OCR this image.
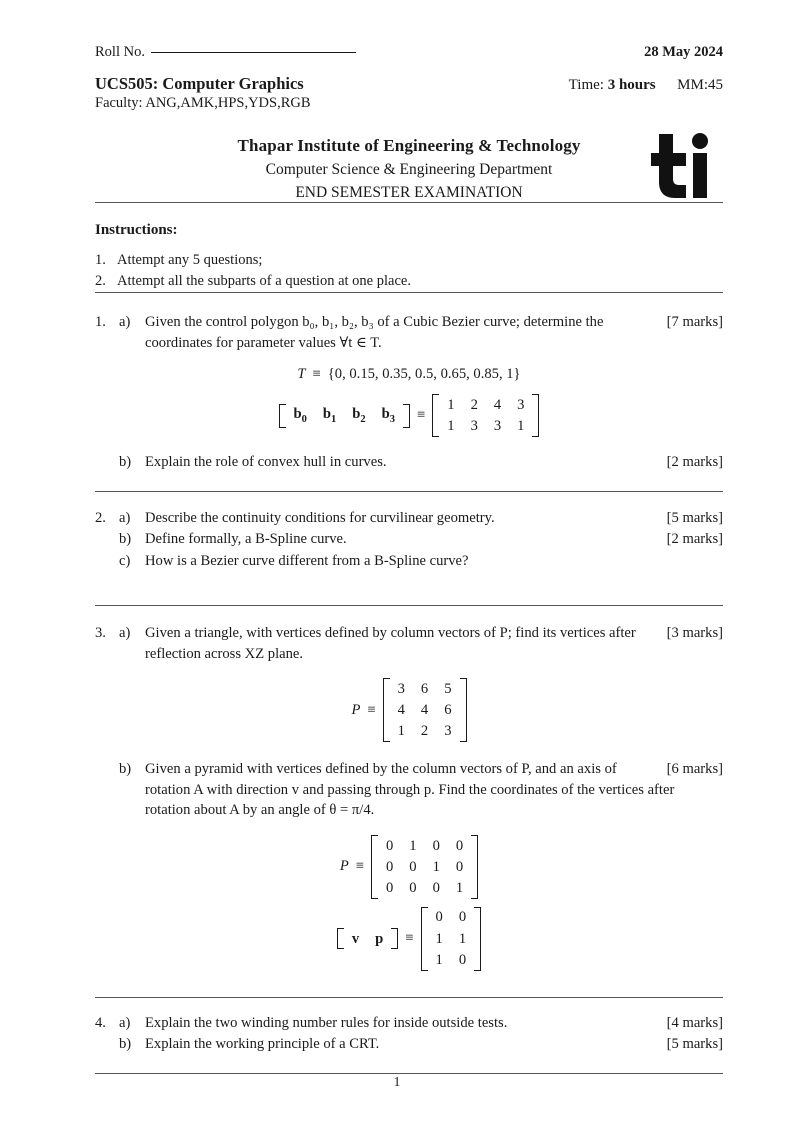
Roll No.	28 May 2024
UCS505: Computer Graphics	Time: 3 hours MM:45
Faculty: ANG,AMK,HPS,YDS,RGB
Thapar Institute of Engineering & Technology
Computer Science & Engineering Department
END SEMESTER EXAMINATION
Instructions:
1. Attempt any 5 questions;
2. Attempt all the subparts of a question at one place.
1. a)	[7 marks]
Given the control polygon b₀, b₁, b₂, b₃ of a Cubic Bezier curve; determine the coordinates for parameter values ∀t ∈ T.
T ≡ {0, 0.15, 0.35, 0.5, 0.65, 0.85, 1}
$b_0$	$b_1$	$b_2$	$b_3$ ≡
1	2	4	3
1	3	3	1
b)	[2 marks]
Explain the role of convex hull in curves.
2. a)	[5 marks]
Describe the continuity conditions for curvilinear geometry.
b)	[2 marks]
Define formally, a B-Spline curve.
c)	How is a Bezier curve different from a B-Spline curve?
3. a)	[3 marks]
Given a triangle, with vertices defined by column vectors of P; find its vertices after reflection across XZ plane.
P ≡
3	6	5
4	4	6
1	2	3
b)	[6 marks]
Given a pyramid with vertices defined by the column vectors of P, and an axis of rotation A with direction v and passing through p. Find the coordinates of the vertices after rotation about A by an angle of θ = π/4.
P ≡
0	1	0	0
0	0	1	0
0	0	0	1
v	p ≡
0	0
1	1
1	0
4. a)	[4 marks]
Explain the two winding number rules for inside outside tests.
b)	[5 marks]
Explain the working principle of a CRT.
1
